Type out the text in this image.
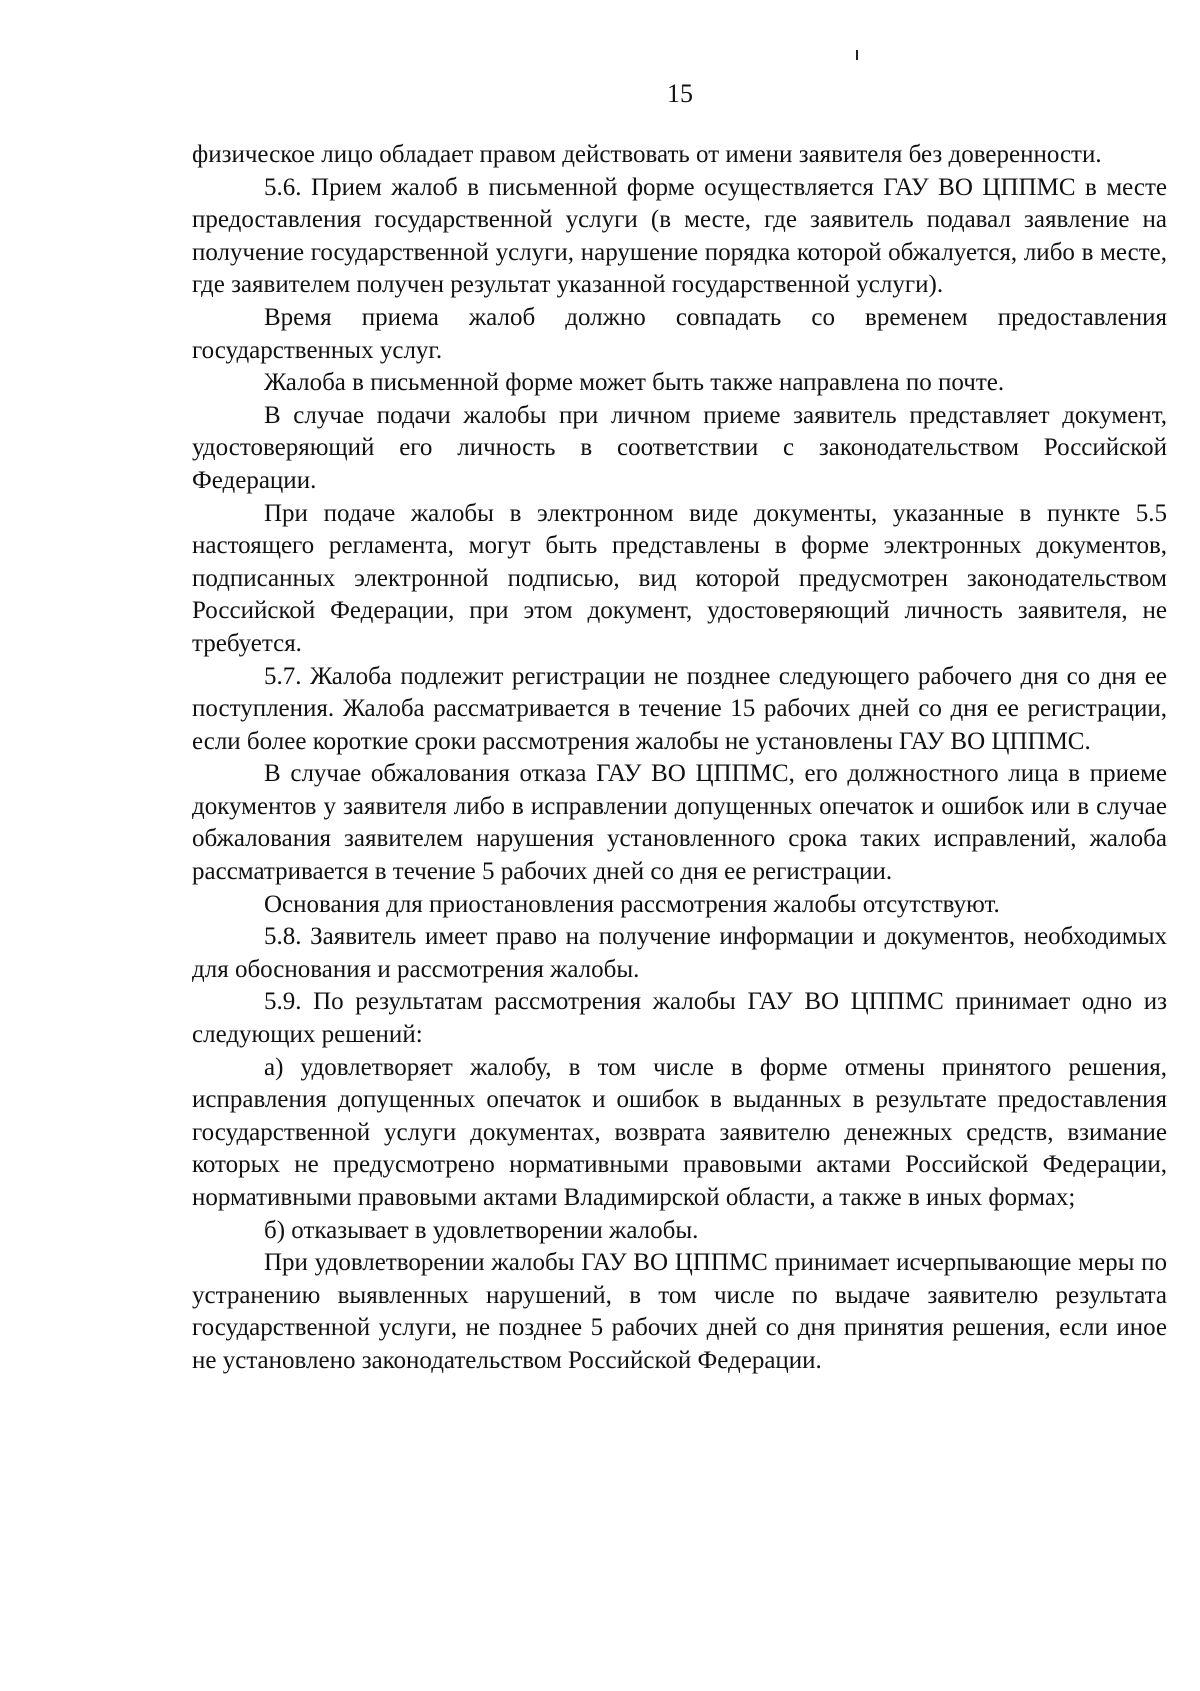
15

физическое лицо обладает правом действовать от имени заявителя без доверенности.

5.6. Прием жалоб в письменной форме осуществляется ГАУ ВО ЦППМС в месте предоставления государственной услуги (в месте, где заявитель подавал заявление на получение государственной услуги, нарушение порядка которой обжалуется, либо в месте, где заявителем получен результат указанной государственной услуги).

Время приема жалоб должно совпадать со временем предоставления государственных услуг.

Жалоба в письменной форме может быть также направлена по почте.

В случае подачи жалобы при личном приеме заявитель представляет документ, удостоверяющий его личность в соответствии с законодательством Российской Федерации.

При подаче жалобы в электронном виде документы, указанные в пункте 5.5 настоящего регламента, могут быть представлены в форме электронных документов, подписанных электронной подписью, вид которой предусмотрен законодательством Российской Федерации, при этом документ, удостоверяющий личность заявителя, не требуется.

5.7. Жалоба подлежит регистрации не позднее следующего рабочего дня со дня ее поступления. Жалоба рассматривается в течение 15 рабочих дней со дня ее регистрации, если более короткие сроки рассмотрения жалобы не установлены ГАУ ВО ЦППМС.

В случае обжалования отказа ГАУ ВО ЦППМС, его должностного лица в приеме документов у заявителя либо в исправлении допущенных опечаток и ошибок или в случае обжалования заявителем нарушения установленного срока таких исправлений, жалоба рассматривается в течение 5 рабочих дней со дня ее регистрации.

Основания для приостановления рассмотрения жалобы отсутствуют.

5.8. Заявитель имеет право на получение информации и документов, необходимых для обоснования и рассмотрения жалобы.

5.9. По результатам рассмотрения жалобы ГАУ ВО ЦППМС принимает одно из следующих решений:

а) удовлетворяет жалобу, в том числе в форме отмены принятого решения, исправления допущенных опечаток и ошибок в выданных в результате предоставления государственной услуги документах, возврата заявителю денежных средств, взимание которых не предусмотрено нормативными правовыми актами Российской Федерации, нормативными правовыми актами Владимирской области, а также в иных формах;

б) отказывает в удовлетворении жалобы.

При удовлетворении жалобы ГАУ ВО ЦППМС принимает исчерпывающие меры по устранению выявленных нарушений, в том числе по выдаче заявителю результата государственной услуги, не позднее 5 рабочих дней со дня принятия решения, если иное не установлено законодательством Российской Федерации.
